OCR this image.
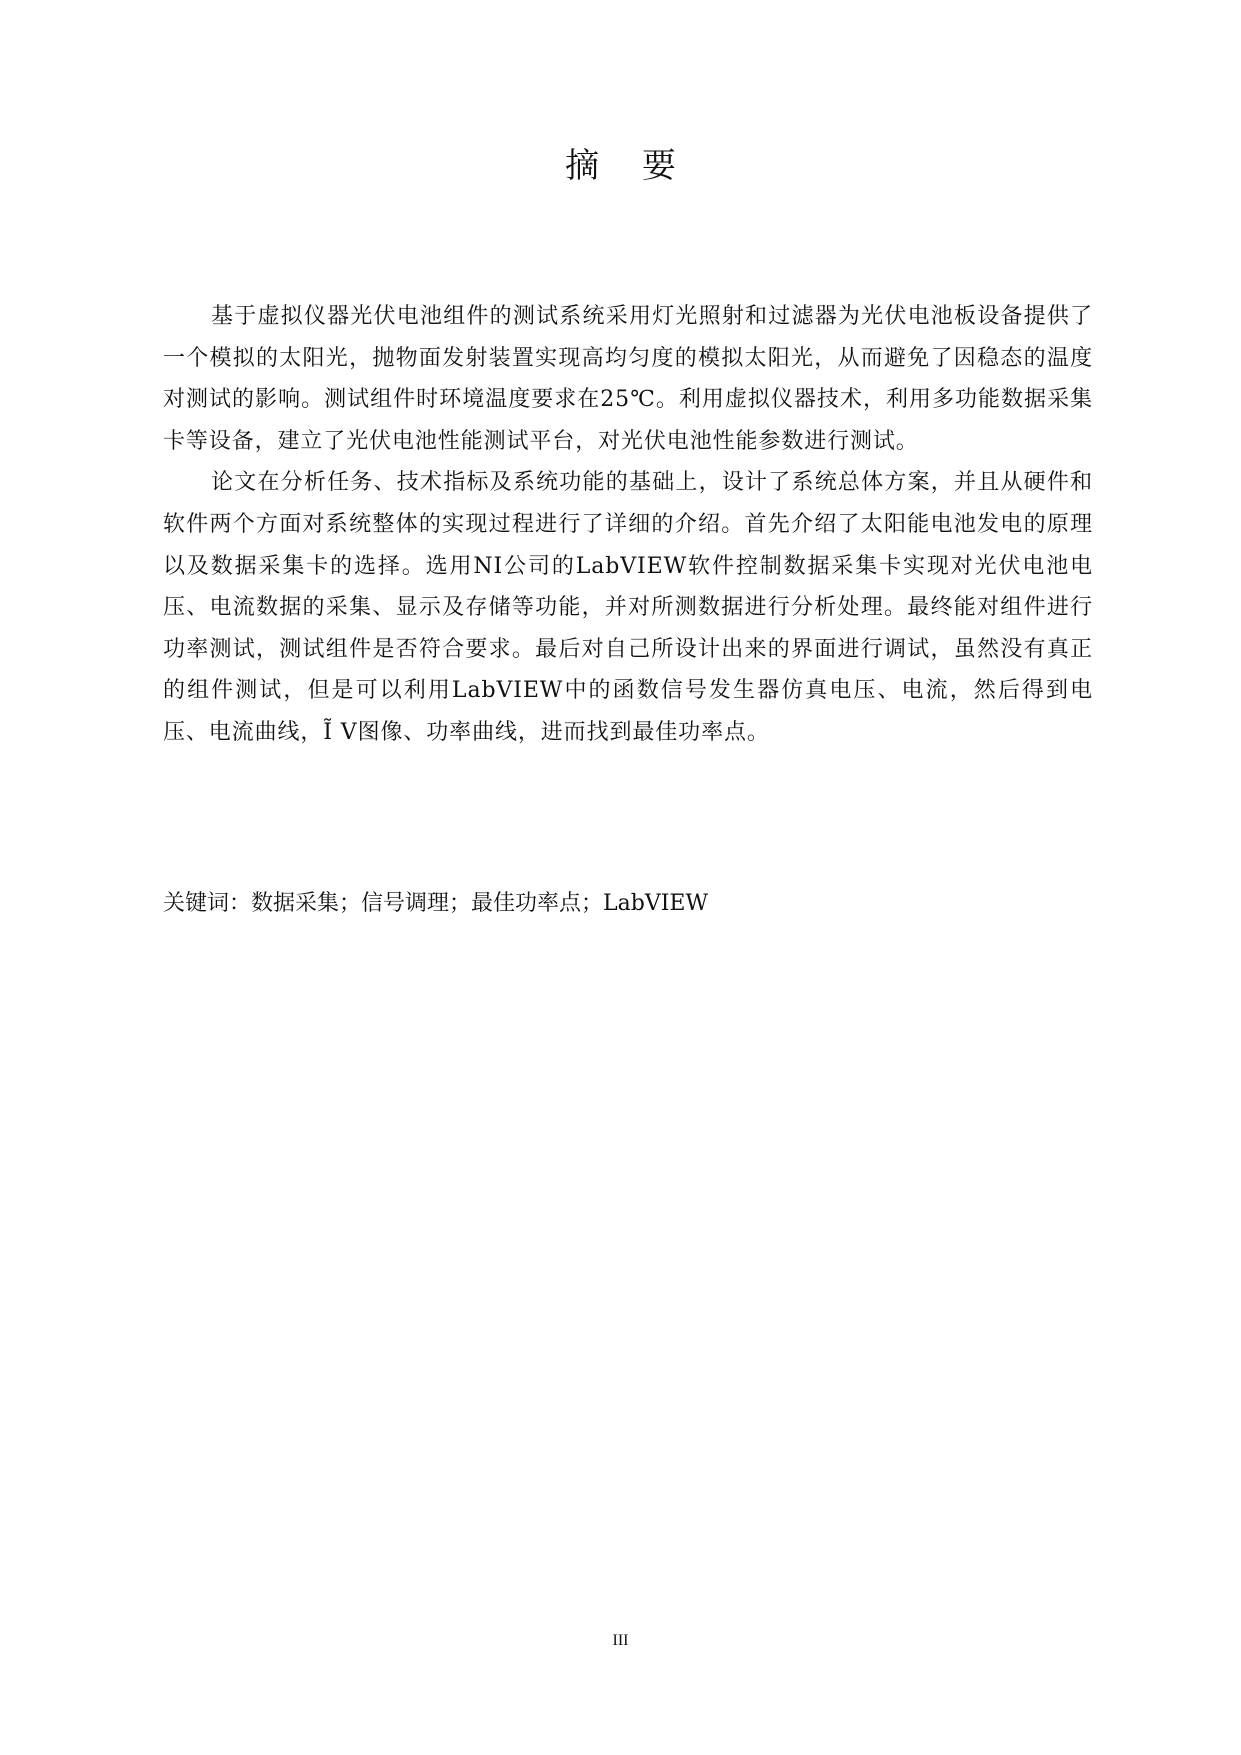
摘 要

基于虚拟仪器光伏电池组件的测试系统采用灯光照射和过滤器为光伏电池板设备提供了一个模拟的太阳光，抛物面发射装置实现高均匀度的模拟太阳光，从而避免了因稳态的温度对测试的影响。测试组件时环境温度要求在25℃。利用虚拟仪器技术，利用多功能数据采集卡等设备，建立了光伏电池性能测试平台，对光伏电池性能参数进行测试。

论文在分析任务、技术指标及系统功能的基础上，设计了系统总体方案，并且从硬件和软件两个方面对系统整体的实现过程进行了详细的介绍。首先介绍了太阳能电池发电的原理以及数据采集卡的选择。选用NI公司的LabVIEW软件控制数据采集卡实现对光伏电池电压、电流数据的采集、显示及存储等功能，并对所测数据进行分析处理。最终能对组件进行功率测试，测试组件是否符合要求。最后对自己所设计出来的界面进行调试，虽然没有真正的组件测试，但是可以利用LabVIEW中的函数信号发生器仿真电压、电流，然后得到电压、电流曲线，Ĩ V图像、功率曲线，进而找到最佳功率点。

关键词：数据采集；信号调理；最佳功率点；LabVIEW

III
